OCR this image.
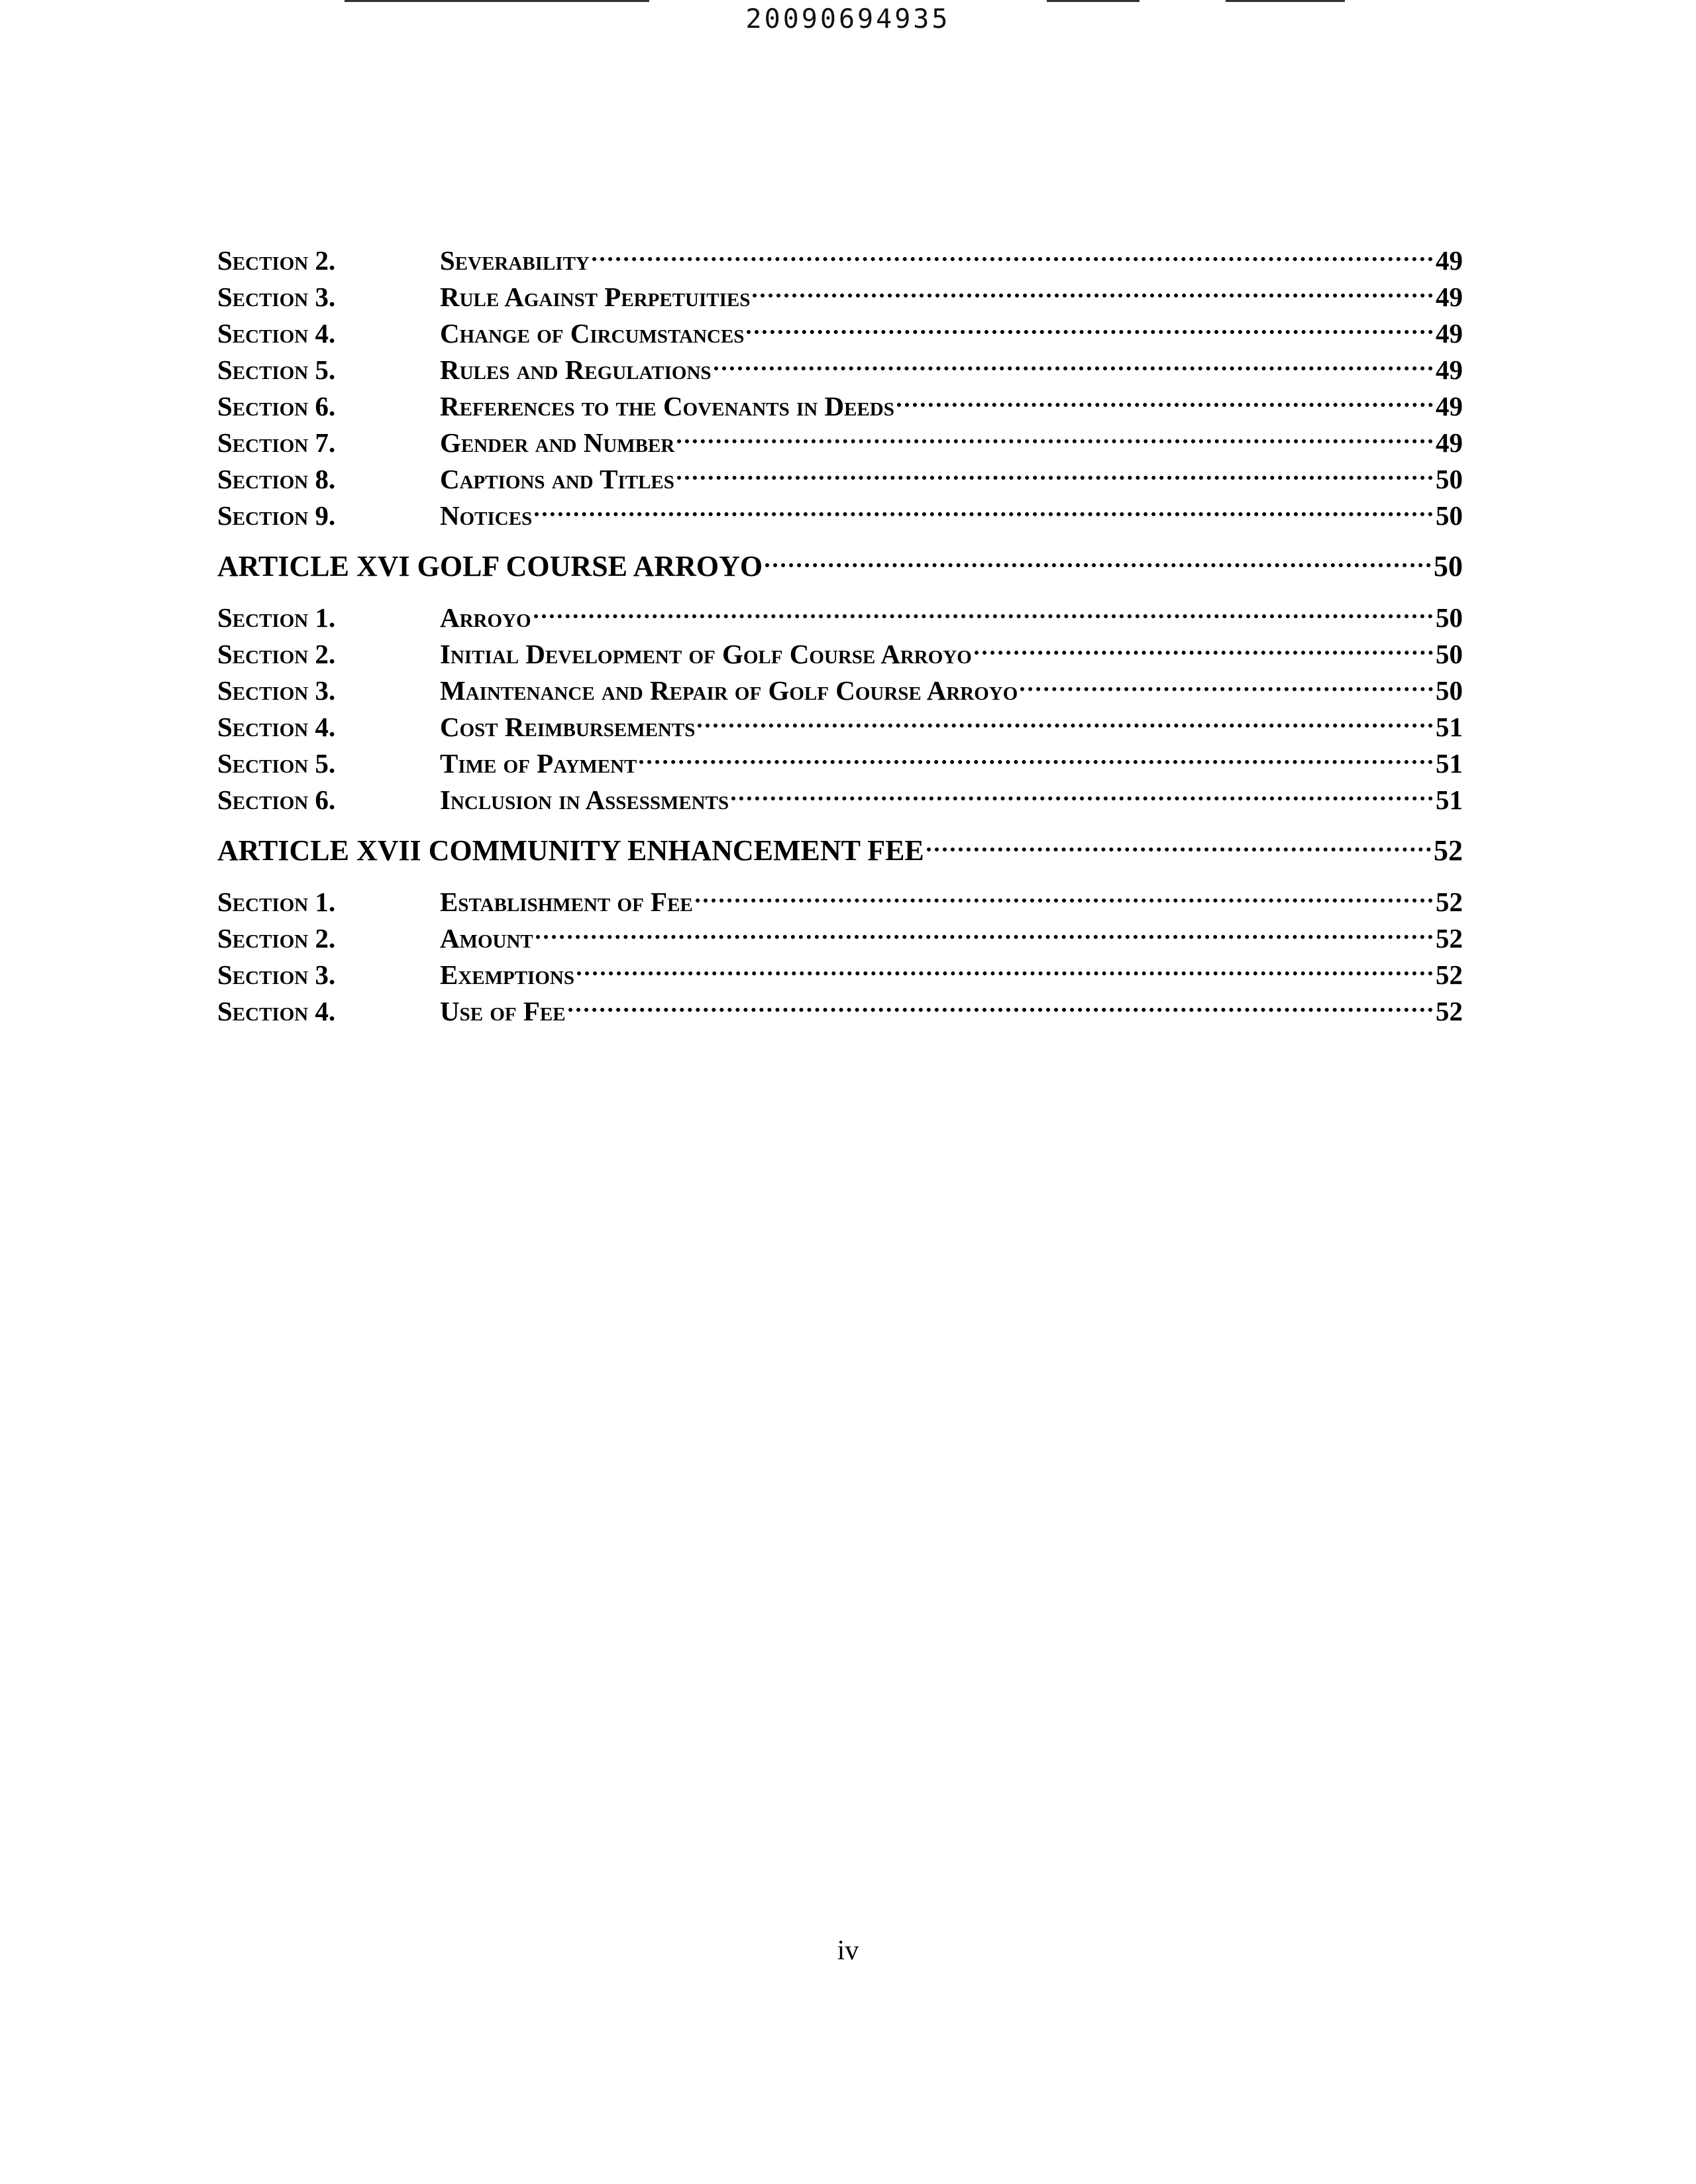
20090694935
Section 2.	Severability	49
Section 3.	Rule Against Perpetuities	49
Section 4.	Change of Circumstances	49
Section 5.	Rules and Regulations	49
Section 6.	References to the Covenants in Deeds	49
Section 7.	Gender and Number	49
Section 8.	Captions and Titles	50
Section 9.	Notices	50
ARTICLE XVI GOLF COURSE ARROYO	50
Section 1.	Arroyo	50
Section 2.	Initial Development of Golf Course Arroyo	50
Section 3.	Maintenance and Repair of Golf Course Arroyo	50
Section 4.	Cost Reimbursements	51
Section 5.	Time of Payment	51
Section 6.	Inclusion in Assessments	51
ARTICLE XVII COMMUNITY ENHANCEMENT FEE	52
Section 1.	Establishment of Fee	52
Section 2.	Amount	52
Section 3.	Exemptions	52
Section 4.	Use of Fee	52
iv
